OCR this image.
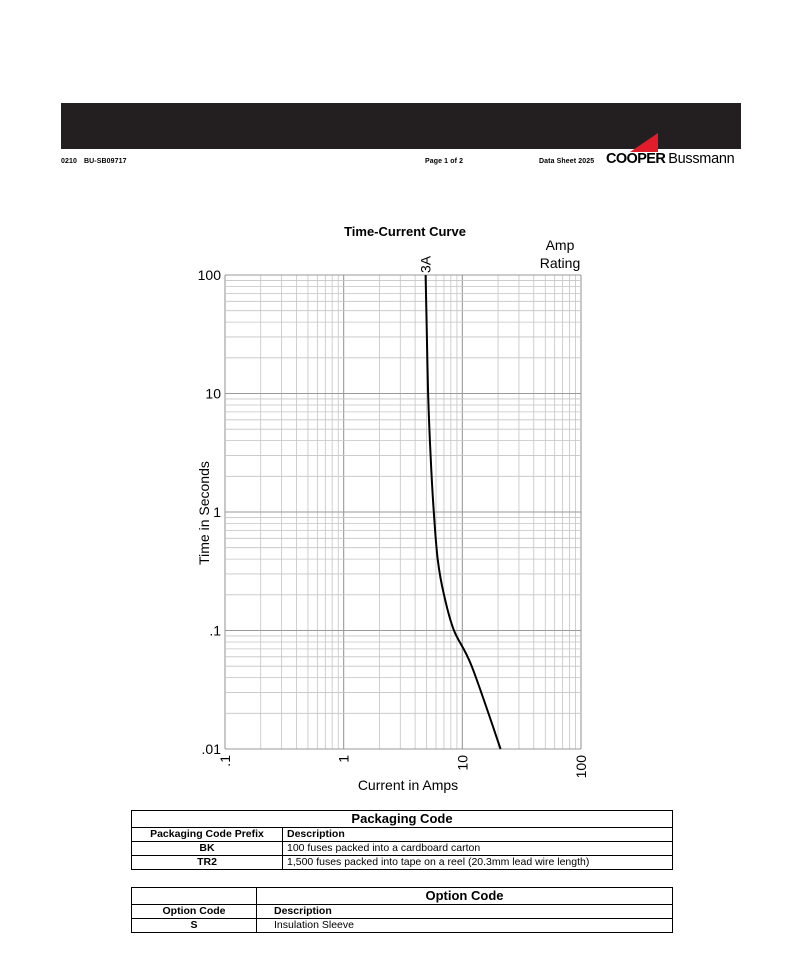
0210 BU-SB09717	Page 1 of 2	Data Sheet 2025 COOPER Bussmann
Time-Current Curve
.01
.1
1
10
100
.1	1	10	100
Time in Seconds
Current in Amps
Amp Rating
3A
Packaging Code	
Packaging Code Prefix	Description
BK	100 fuses packed into a cardboard carton
TR2	1,500 fuses packed into tape on a reel (20.3mm lead wire length)
	Option Code
Option Code	Description
S	Insulation Sleeve
